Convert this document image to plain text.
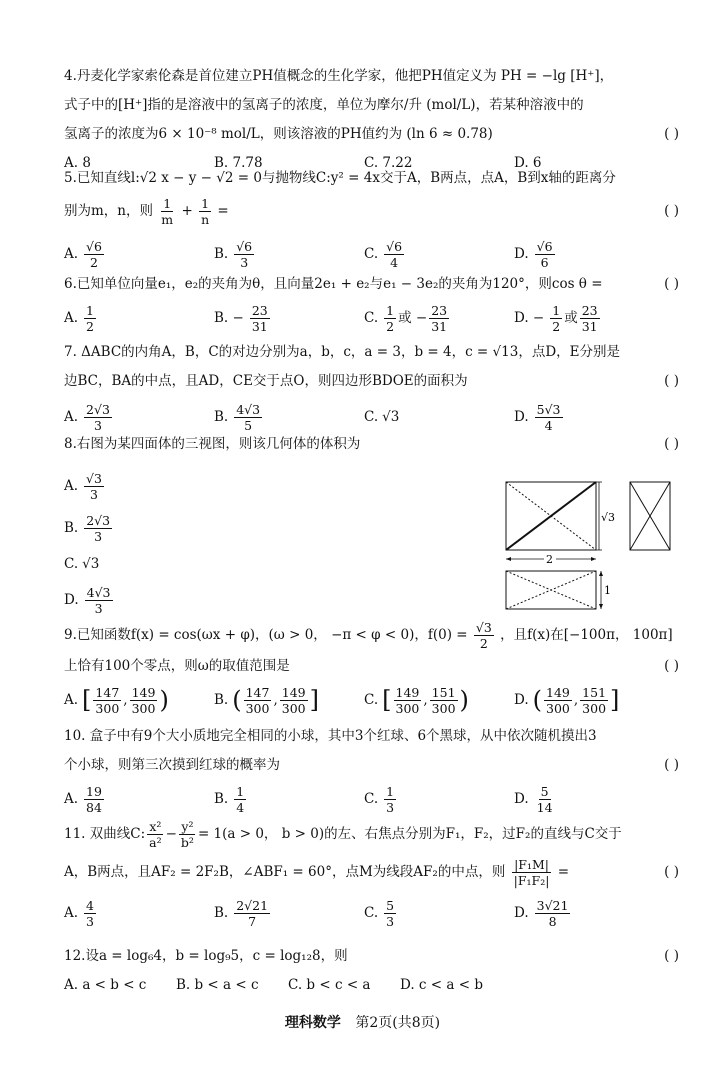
4.丹麦化学家索伦森是首位建立PH值概念的生化学家，他把PH值定义为 PH = −lg [H⁺]，
式子中的[H⁺]指的是溶液中的氢离子的浓度，单位为摩尔/升 (mol/L)，若某种溶液中的
氢离子的浓度为6 × 10⁻⁸ mol/L，则该溶液的PH值约为 (ln 6 ≈ 0.78)	( )
A. 8	B. 7.78	C. 7.22	D. 6
5.已知直线l:√2 x − y − √2 = 0与抛物线C:y² = 4x交于A，B两点，点A，B到x轴的距离分
别为m，n，则 $\frac{1}{m} + \frac{1}{n}$ =	( )
A. $\frac{√6}{2}$	B. $\frac{√6}{3}$	C. $\frac{√6}{4}$	D. $\frac{√6}{6}$
6.已知单位向量e₁，e₂的夹角为θ，且向量2e₁ + e₂与e₁ − 3e₂的夹角为120°，则cos θ =	( )
A. $\frac{1}{2}$	B. − $\frac{23}{31}$	C. $\frac{1}{2}$ 或 − $\frac{23}{31}$	D. − $\frac{1}{2}$ 或 $\frac{23}{31}$
7. ΔABC的内角A，B，C的对边分别为a，b，c，a = 3，b = 4，c = √13，点D，E分别是
边BC，BA的中点，且AD，CE交于点O，则四边形BDOE的面积为	( )
A. $\frac{2√3}{3}$	B. $\frac{4√3}{5}$	C. √3	D. $\frac{5√3}{4}$
8.右图为某四面体的三视图，则该几何体的体积为	( )
A. $\frac{√3}{3}$
B. $\frac{2√3}{3}$
C. √3
D. $\frac{4√3}{3}$
√3
2
1
9.已知函数f(x) = cos(ωx + φ)，(ω > 0， −π < φ < 0)，$f(0) = \frac{√3}{2}$ ，且f(x)在[−100π， 100π]
上恰有100个零点，则ω的取值范围是	( )
A. [ $\frac{147}{300}$ , $\frac{149}{300}$ )	B. ( $\frac{147}{300}$ , $\frac{149}{300}$ ]	C. [ $\frac{149}{300}$ , $\frac{151}{300}$ )	D. ( $\frac{149}{300}$ , $\frac{151}{300}$ ]
10. 盒子中有9个大小质地完全相同的小球，其中3个红球、6个黑球，从中依次随机摸出3
个小球，则第三次摸到红球的概率为	( )
A. $\frac{19}{84}$	B. $\frac{1}{4}$	C. $\frac{1}{3}$	D. $\frac{5}{14}$
11. 双曲线C: $\frac{\text{x²}}{\text{a²}} - \frac{\text{y²}}{\text{b²}} = 1(a > 0$， b > 0)的左、右焦点分别为F₁，F₂，过F₂的直线与C交于
A，B两点，且AF₂ = 2F₂B，∠ABF₁ = 60°，点M为线段AF₂的中点，则 $\frac{\text{|F₁M|}}{\text{|F₁F₂|}}$ =	( )
A. $\frac{4}{3}$	B. $\frac{2√21}{7}$	C. $\frac{5}{3}$	D. $\frac{3√21}{8}$
12.设a = log₆4，b = log₉5，c = log₁₂8，则	( )
A. a < b < c	B. b < a < c	C. b < c < a	D. c < a < b
理科数学 第2页(共8页)
